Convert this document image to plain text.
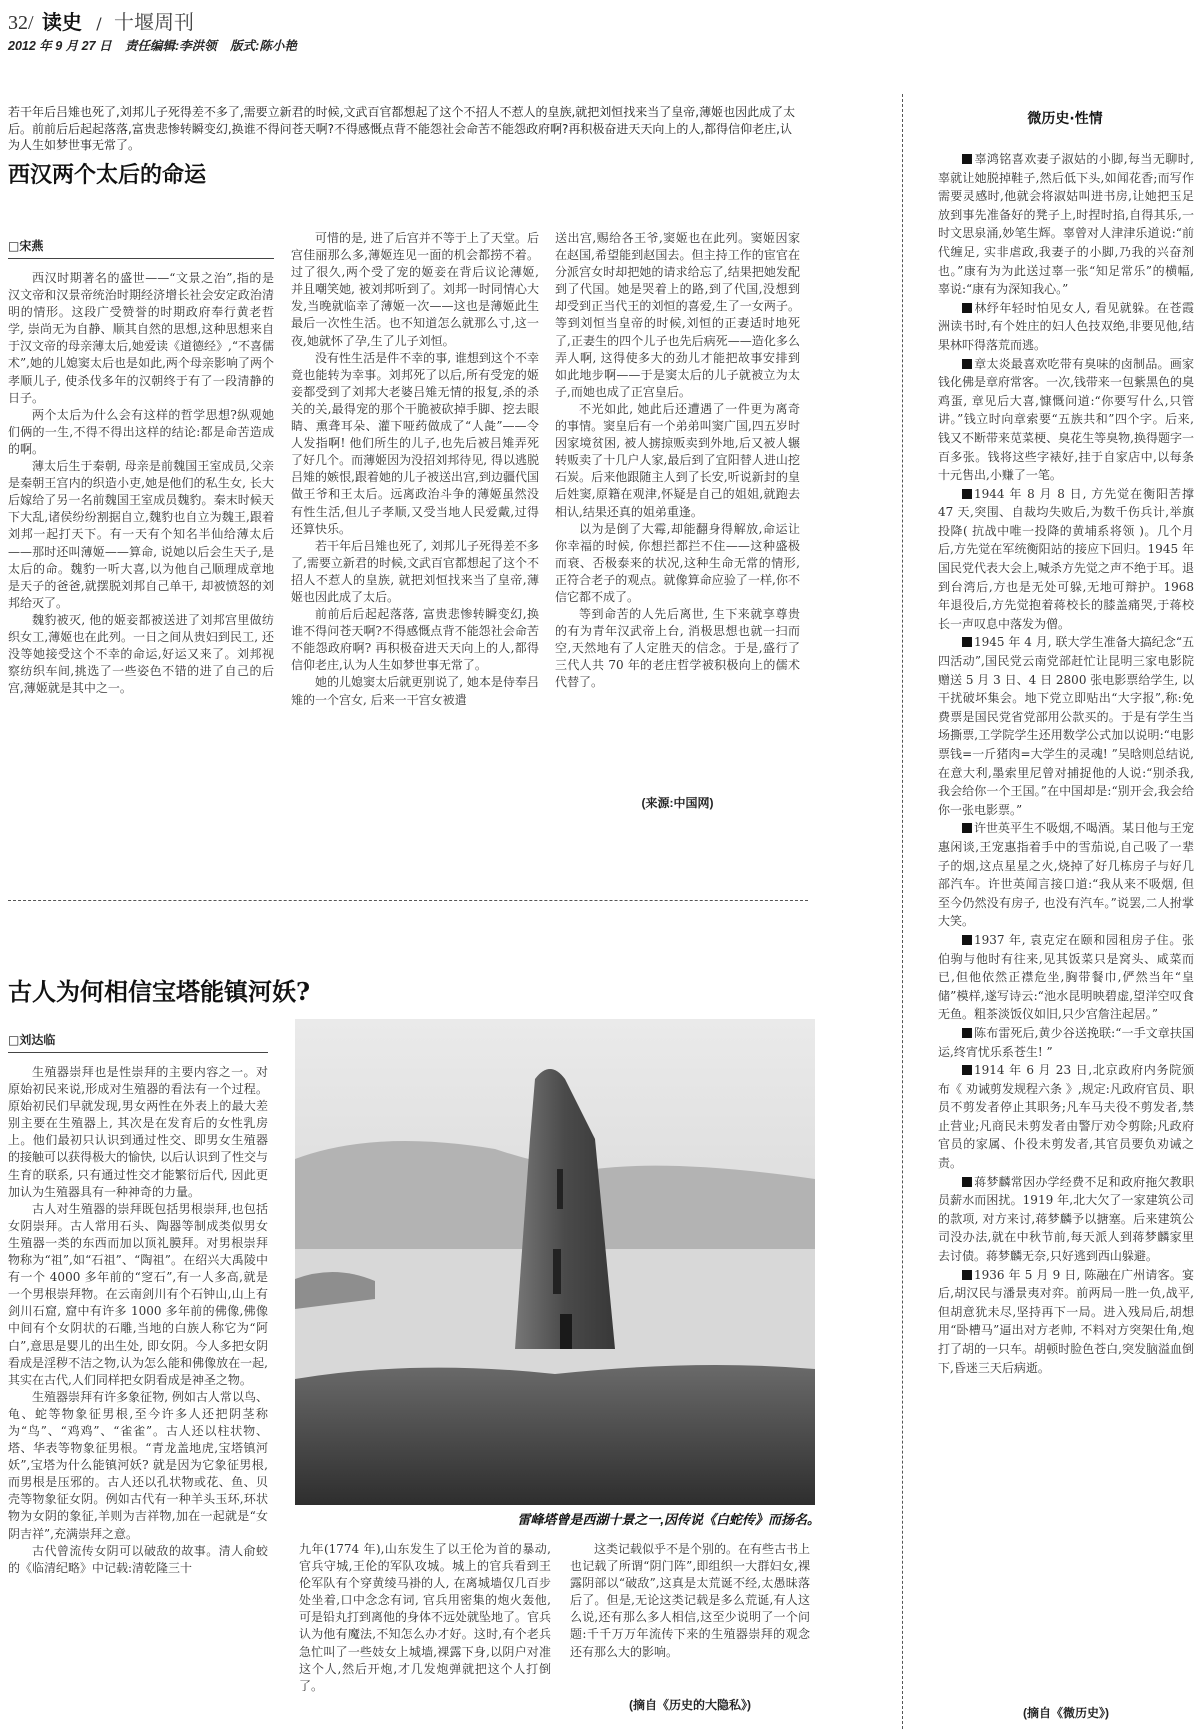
32/ 读史 / 十堰周刊
2012 年 9 月 27 日 责任编辑:李洪领 版式:陈小艳
若干年后吕雉也死了,刘邦儿子死得差不多了,需要立新君的时候,文武百官都想起了这个不招人不惹人的皇族,就把刘恒找来当了皇帝,薄姬也因此成了太后。前前后后起起落落,富贵悲惨转瞬变幻,换谁不得问苍天啊?不得感慨点背不能怨社会命苦不能怨政府啊?再积极奋进天天向上的人,都得信仰老庄,认为人生如梦世事无常了。
西汉两个太后的命运
□宋燕

西汉时期著名的盛世——“文景之治”,指的是汉文帝和汉景帝统治时期经济增长社会安定政治清明的情形。这段广受赞誉的时期政府奉行黄老哲学, 崇尚无为自静、顺其自然的思想,这种思想来自于汉文帝的母亲薄太后,她爱读《道德经》,“不喜儒术”,她的儿媳窦太后也是如此,两个母亲影响了两个孝顺儿子, 使杀伐多年的汉朝终于有了一段清静的日子。

两个太后为什么会有这样的哲学思想?纵观她们俩的一生,不得不得出这样的结论:都是命苦造成的啊。

薄太后生于秦朝, 母亲是前魏国王室成员,父亲是秦朝王宫内的织造小吏,她是他们的私生女, 长大后嫁给了另一名前魏国王室成员魏豹。秦末时候天下大乱,诸侯纷纷割据自立,魏豹也自立为魏王,跟着刘邦一起打天下。有一天有个知名半仙给薄太后——那时还叫薄姬——算命, 说她以后会生天子,是太后的命。魏豹一听大喜,以为他自己顺理成章地是天子的爸爸,就摆脱刘邦自己单干, 却被愤怒的刘邦给灭了。

魏豹被灭, 他的姬妾都被送进了刘邦宫里做纺织女工,薄姬也在此列。一日之间从贵妇到民工, 还没等她接受这个不幸的命运,好运又来了。刘邦视察纺织车间,挑选了一些姿色不错的进了自己的后宫,薄姬就是其中之一。

可惜的是, 进了后宫并不等于上了天堂。后宫佳丽那么多,薄姬连见一面的机会都捞不着。过了很久,两个受了宠的姬妾在背后议论薄姬, 并且嘲笑她, 被刘邦听到了。刘邦一时同情心大发,当晚就临幸了薄姬一次——这也是薄姬此生最后一次性生活。也不知道怎么就那么寸,这一夜,她就怀了孕,生了儿子刘恒。

没有性生活是件不幸的事, 谁想到这个不幸竟也能转为幸事。刘邦死了以后,所有受宠的姬妾都受到了刘邦大老婆吕雉无情的报复,杀的杀关的关,最得宠的那个干脆被砍掉手脚、挖去眼睛、熏聋耳朵、灌下哑药做成了“人彘”——令人发指啊! 他们所生的儿子,也先后被吕雉弄死了好几个。而薄姬因为没招刘邦待见, 得以逃脱吕雉的嫉恨,跟着她的儿子被送出宫,到边疆代国做王爷和王太后。远离政治斗争的薄姬虽然没有性生活,但儿子孝顺,又受当地人民爱戴,过得还算快乐。

若干年后吕雉也死了, 刘邦儿子死得差不多了,需要立新君的时候,文武百官都想起了这个不招人不惹人的皇族, 就把刘恒找来当了皇帝,薄姬也因此成了太后。

前前后后起起落落, 富贵悲惨转瞬变幻,换谁不得问苍天啊?不得感慨点背不能怨社会命苦不能怨政府啊? 再积极奋进天天向上的人,都得信仰老庄,认为人生如梦世事无常了。

她的儿媳窦太后就更别说了, 她本是侍奉吕雉的一个宫女, 后来一干宫女被遣

送出宫,赐给各王爷,窦姬也在此列。窦姬因家在赵国,希望能到赵国去。但主持工作的宦官在分派宫女时却把她的请求给忘了,结果把她发配到了代国。她是哭着上的路,到了代国,没想到却受到正当代王的刘恒的喜爱,生了一女两子。等到刘恒当皇帝的时候,刘恒的正妻适时地死了,正妻生的四个儿子也先后病死——造化多么弄人啊, 这得使多大的劲儿才能把故事安排到如此地步啊——于是窦太后的儿子就被立为太子,而她也成了正宫皇后。

不光如此, 她此后还遭遇了一件更为离奇的事情。窦皇后有一个弟弟叫窦广国,四五岁时因家境贫困, 被人掳掠贩卖到外地,后又被人辗转贩卖了十几户人家,最后到了宜阳替人进山挖石炭。后来他跟随主人到了长安,听说新封的皇后姓窦,原籍在观津,怀疑是自己的姐姐,就跑去相认,结果还真的姐弟重逢。

以为是倒了大霉,却能翻身得解放,命运让你幸福的时候, 你想拦都拦不住——这种盛极而衰、否极泰来的状况,这种生命无常的情形,正符合老子的观点。就像算命应验了一样,你不信它都不成了。

等到命苦的人先后离世, 生下来就享尊贵的有为青年汉武帝上台, 消极思想也就一扫而空,天然地有了人定胜天的信念。于是,盛行了三代人共 70 年的老庄哲学被积极向上的儒术代替了。

(来源:中国网)
古人为何相信宝塔能镇河妖?
□刘达临

生殖器崇拜也是性崇拜的主要内容之一。对原始初民来说,形成对生殖器的看法有一个过程。原始初民们早就发现,男女两性在外表上的最大差别主要在生殖器上, 其次是在发育后的女性乳房上。他们最初只认识到通过性交、即男女生殖器的接触可以获得极大的愉快, 以后认识到了性交与生育的联系, 只有通过性交才能繁衍后代, 因此更加认为生殖器具有一种神奇的力量。

古人对生殖器的崇拜既包括男根崇拜,也包括女阴崇拜。古人常用石头、陶器等制成类似男女生殖器一类的东西而加以顶礼膜拜。对男根崇拜物称为“祖”,如“石祖”、“陶祖”。在绍兴大禹陵中有一个 4000 多年前的“窆石”,有一人多高,就是一个男根崇拜物。在云南剑川有个石钟山,山上有剑川石窟, 窟中有许多 1000 多年前的佛像,佛像中间有个女阴状的石雕,当地的白族人称它为“阿白”,意思是婴儿的出生处, 即女阴。今人多把女阴看成是淫秽不洁之物,认为怎么能和佛像放在一起,其实在古代,人们同样把女阴看成是神圣之物。

生殖器崇拜有许多象征物, 例如古人常以鸟、龟、蛇等物象征男根,至今许多人还把阴茎称为“鸟”、“鸡鸡”、“雀雀”。古人还以柱状物、塔、华表等物象征男根。“青龙盖地虎,宝塔镇河妖”,宝塔为什么能镇河妖? 就是因为它象征男根, 而男根是压邪的。古人还以孔状物或花、鱼、贝壳等物象征女阴。例如古代有一种羊头玉环,环状物为女阴的象征,羊则为吉祥物,加在一起就是“女阴吉祥”,充满崇拜之意。

古代曾流传女阴可以破敌的故事。清人俞蛟的《临清纪略》中记载:清乾隆三十

雷峰塔曾是西湖十景之一,因传说《白蛇传》而扬名。

九年(1774 年),山东发生了以王伦为首的暴动,官兵守城,王伦的军队攻城。城上的官兵看到王伦军队有个穿黄绫马褂的人, 在离城墙仅几百步处坐着,口中念念有词, 官兵用密集的炮火轰他, 可是铅丸打到离他的身体不远处就坠地了。官兵认为他有魔法,不知怎么办才好。这时,有个老兵急忙叫了一些妓女上城墙,裸露下身,以阴户对准这个人,然后开炮,才几发炮弹就把这个人打倒了。

这类记载似乎不是个别的。在有些古书上也记载了所谓“阴门阵”,即组织一大群妇女,裸露阴部以“破敌”,这真是太荒诞不经,太愚昧落后了。但是,无论这类记载是多么荒诞,有人这么说,还有那么多人相信,这至少说明了一个问题:千千万万年流传下来的生殖器崇拜的观念还有那么大的影响。

(摘自《历史的大隐私》)
微历史·性情

辜鸿铭喜欢妻子淑姑的小脚,每当无聊时,辜就让她脱掉鞋子,然后低下头,如闻花香;而写作需要灵感时,他就会将淑姑叫进书房,让她把玉足放到事先准备好的凳子上,时捏时掐,自得其乐,一时文思泉涌,妙笔生辉。辜曾对人津津乐道说:“前代缠足, 实非虐政,我妻子的小脚,乃我的兴奋剂也。”康有为为此送过辜一张“知足常乐”的横幅,辜说:“康有为深知我心。”

林纾年轻时怕见女人, 看见就躲。在苍霞洲读书时,有个姓庄的妇人色技双绝,非要见他,结果林吓得落荒而逃。

章太炎最喜欢吃带有臭味的卤制品。画家钱化佛是章府常客。一次,钱带来一包紫黑色的臭鸡蛋, 章见后大喜,慷慨问道:“你要写什么,只管讲。”钱立时向章索要“五族共和”四个字。后来,钱又不断带来苋菜梗、臭花生等臭物,换得题字一百多张。钱将这些字裱好,挂于自家店中,以每条十元售出,小赚了一笔。

1944 年 8 月 8 日, 方先觉在衡阳苦撑 47 天,突围、自裁均失败后,为数千伤兵计,举旗投降( 抗战中唯一投降的黄埔系将领 )。几个月后,方先觉在军统衡阳站的接应下回归。1945 年国民党代表大会上,喊杀方先觉之声不绝于耳。退到台湾后,方也是无处可躲,无地可辩护。1968 年退役后,方先觉抱着蒋校长的膝盖痛哭,于蒋校长一声叹息中落发为僧。

1945 年 4 月, 联大学生准备大搞纪念“五四活动”,国民党云南党部赶忙让昆明三家电影院赠送 5 月 3 日、4 日 2800 张电影票给学生, 以干扰破坏集会。地下党立即贴出“大字报”,称:免费票是国民党省党部用公款买的。于是有学生当场撕票,工学院学生还用数学公式加以说明:“电影票钱=一斤猪肉=大学生的灵魂! ”吴晗则总结说,在意大利,墨索里尼曾对捕捉他的人说:“别杀我,我会给你一个王国。”在中国却是:“别开会,我会给你一张电影票。”

许世英平生不吸烟,不喝酒。某日他与王宠惠闲谈,王宠惠指着手中的雪茄说,自己吸了一辈子的烟,这点星星之火,烧掉了好几栋房子与好几部汽车。许世英闻言接口道:“我从来不吸烟, 但至今仍然没有房子, 也没有汽车。”说罢,二人拊掌大笑。

1937 年, 袁克定在颐和园租房子住。张伯驹与他时有往来,见其饭菜只是窝头、咸菜而已,但他依然正襟危坐,胸带餐巾,俨然当年“皇储”模样,遂写诗云:“池水昆明映碧虚,望洋空叹食无鱼。粗茶淡饭仪如旧,只少宫詹注起居。”

陈布雷死后,黄少谷送挽联:“一手文章扶国运,终宵忧乐系苍生! ”

1914 年 6 月 23 日,北京政府内务院颁布《 劝诫剪发规程六条 》,规定:凡政府官员、职员不剪发者停止其职务;凡车马夫役不剪发者,禁止营业;凡商民未剪发者由警厅劝令剪除;凡政府官员的家属、仆役未剪发者,其官员要负劝诫之责。

蒋梦麟常因办学经费不足和政府拖欠教职员薪水而困扰。1919 年,北大欠了一家建筑公司的款项, 对方来讨,蒋梦麟予以搪塞。后来建筑公司没办法,就在中秋节前,每天派人到蒋梦麟家里去讨债。蒋梦麟无奈,只好逃到西山躲避。

1936 年 5 月 9 日, 陈融在广州请客。宴后,胡汉民与潘景夷对弈。前两局一胜一负,战平,但胡意犹未尽,坚持再下一局。进入残局后,胡想用“卧槽马”逼出对方老帅, 不料对方突架仕角,炮打了胡的一只车。胡顿时脸色苍白,突发脑溢血倒下,昏迷三天后病逝。

(摘自《微历史》)
